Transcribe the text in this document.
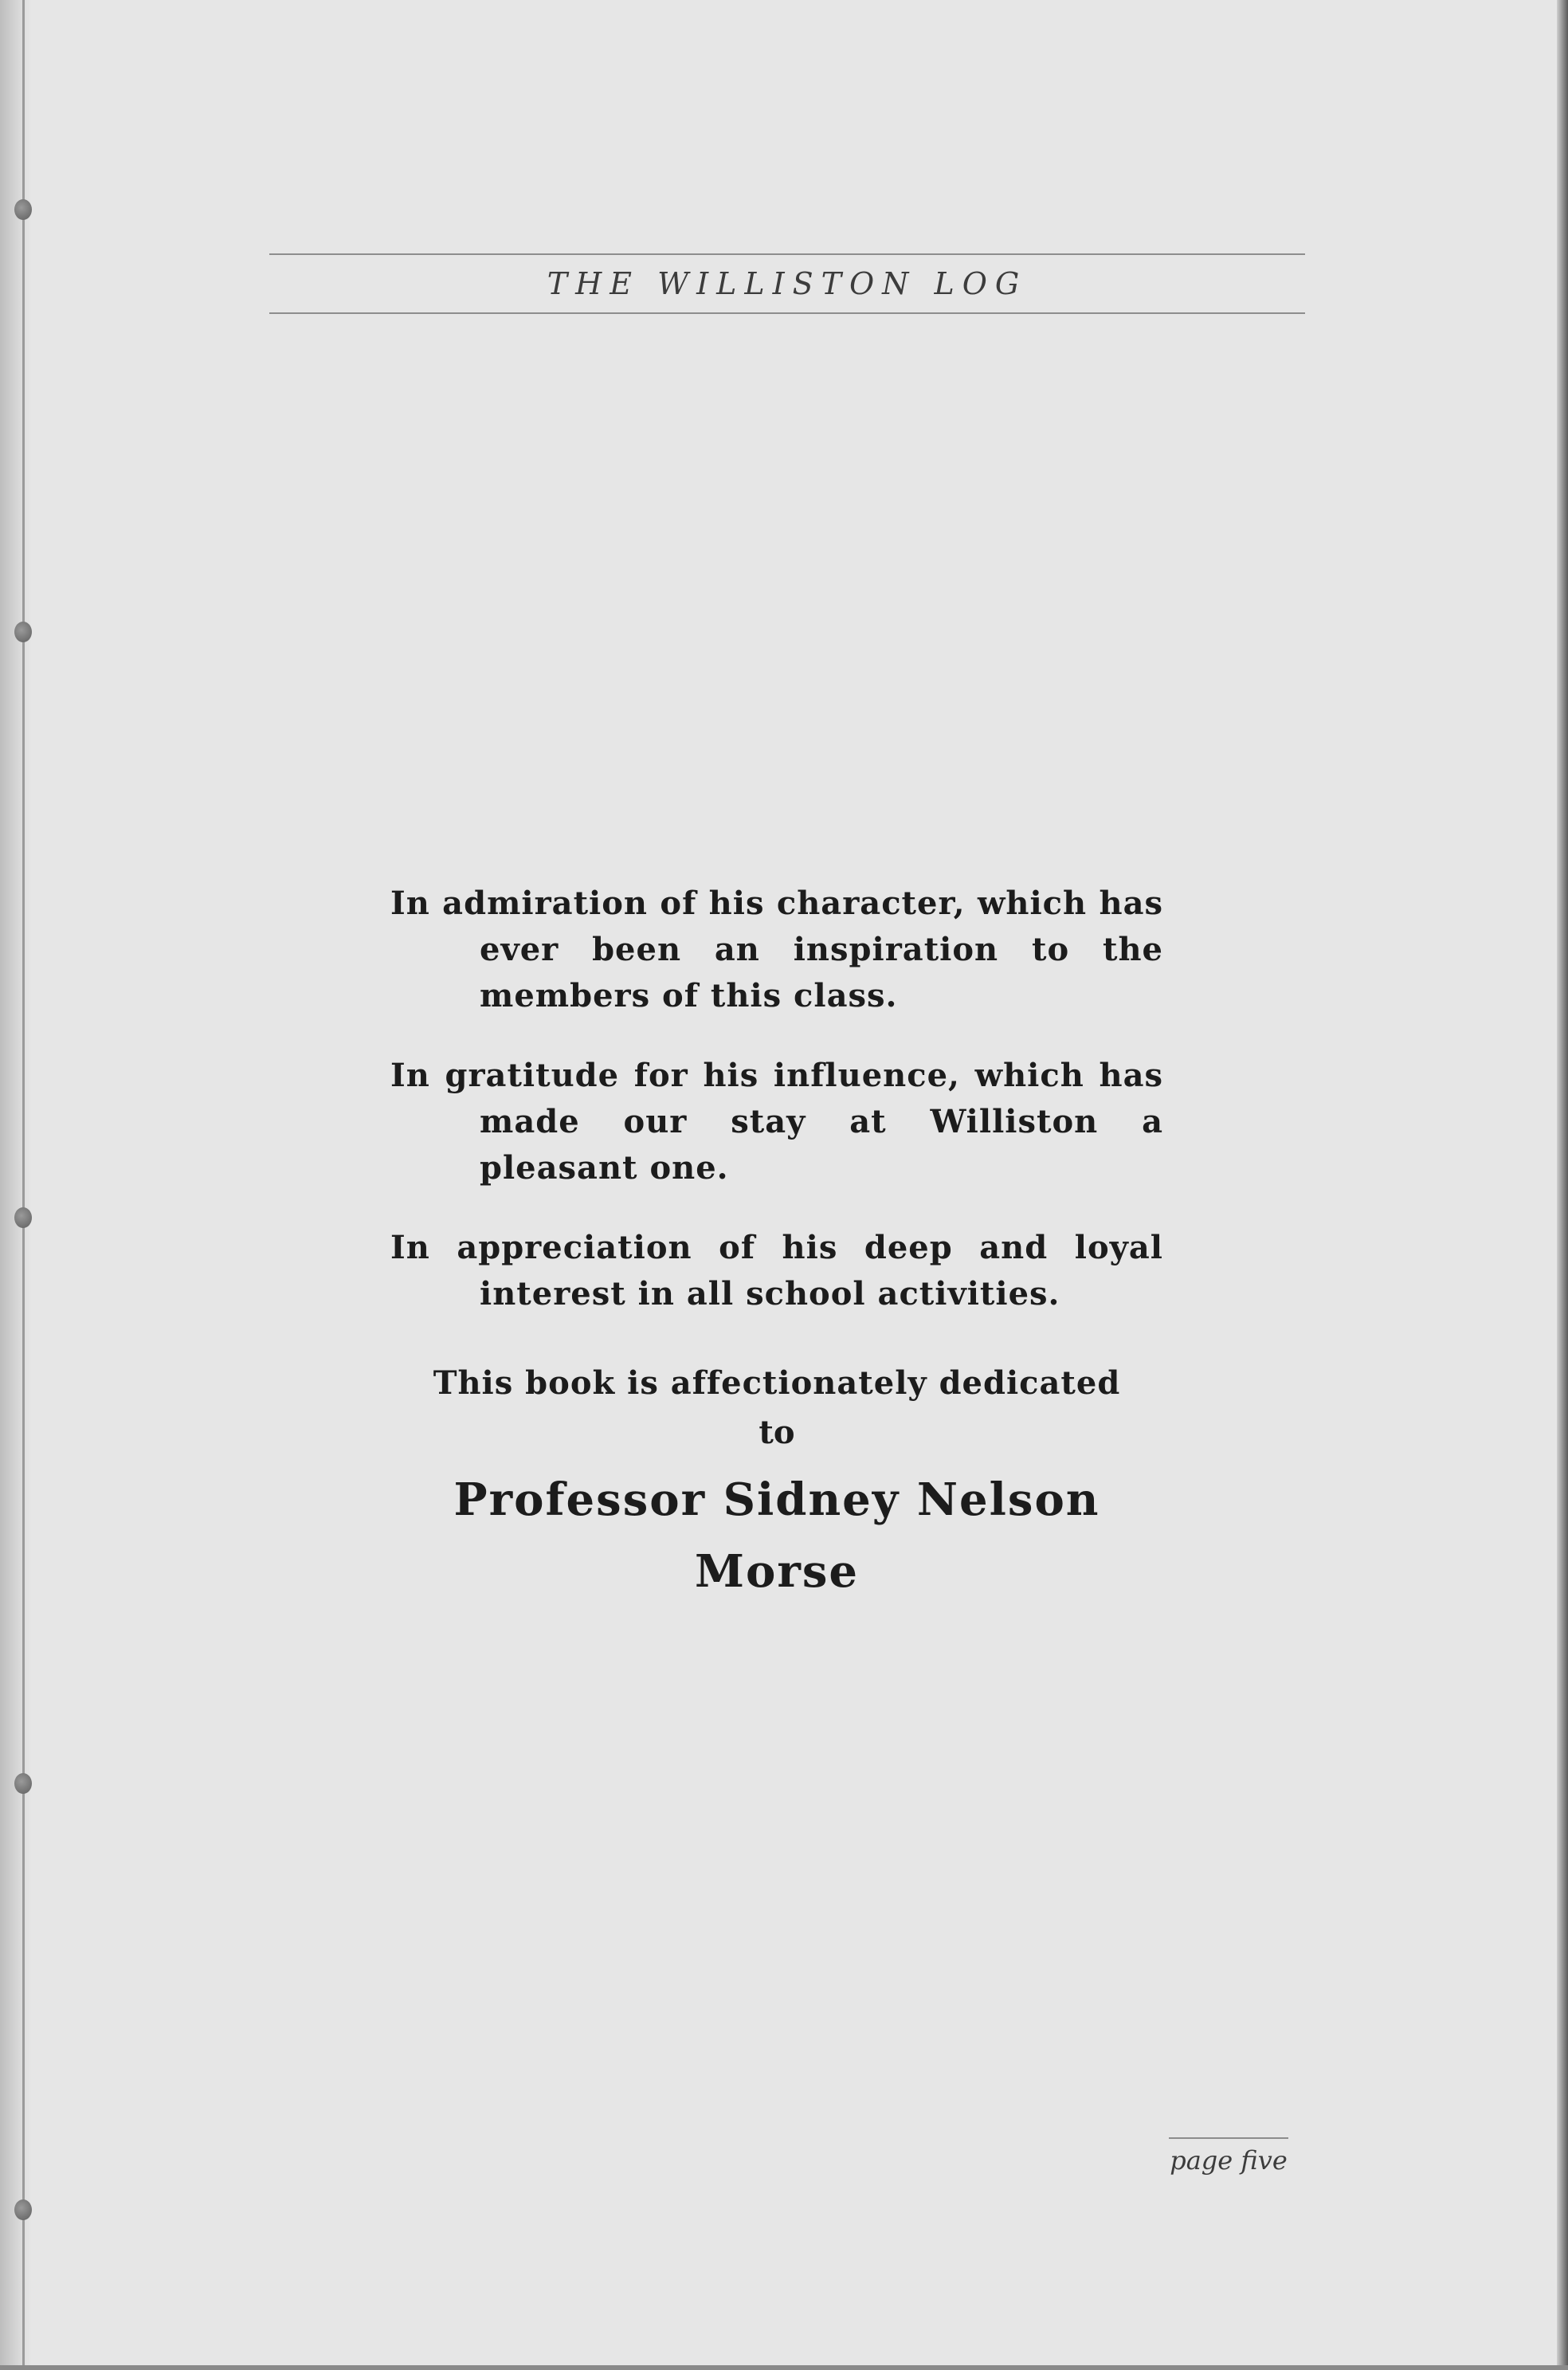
THE WILLISTON LOG

In admiration of his character, which has ever been an inspiration to the members of this class.

In gratitude for his influence, which has made our stay at Williston a pleasant one.

In appreciation of his deep and loyal interest in all school activities.

This book is affectionately dedicated
to
Professor Sidney Nelson Morse
page five
